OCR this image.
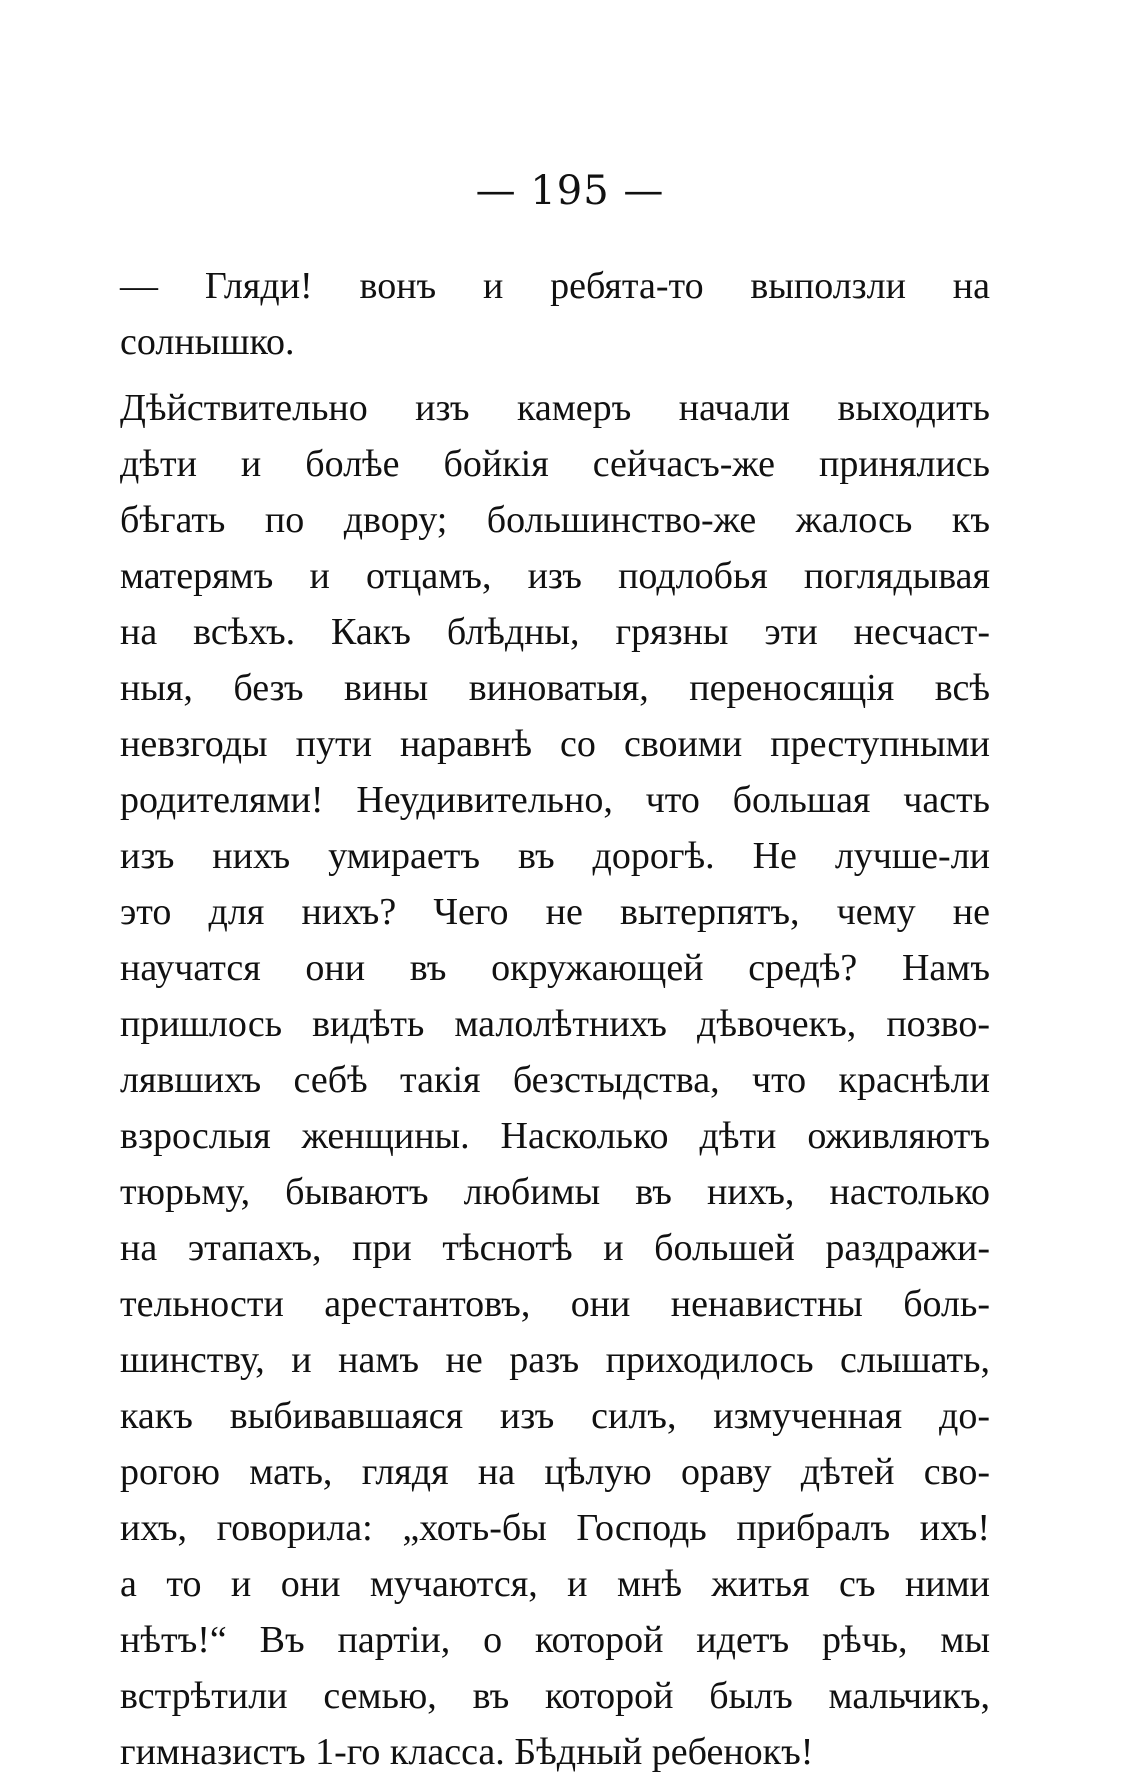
— 195 —
— Гляди! вонъ и ребята-то выползли на
солнышко.
Дѣйствительно изъ камеръ начали выходить
дѣти и болѣе бойкія сейчасъ-же принялись
бѣгать по двору; большинство-же жалось къ
матерямъ и отцамъ, изъ подлобья поглядывая
на всѣхъ. Какъ блѣдны, грязны эти несчаст-
ныя, безъ вины виноватыя, переносящія всѣ
невзгоды пути наравнѣ со своими преступными
родителями! Неудивительно, что большая часть
изъ нихъ умираетъ въ дорогѣ. Не лучше-ли
это для нихъ? Чего не вытерпятъ, чему не
научатся они въ окружающей средѣ? Намъ
пришлось видѣть малолѣтнихъ дѣвочекъ, позво-
лявшихъ себѣ такія безстыдства, что краснѣли
взрослыя женщины. Насколько дѣти оживляютъ
тюрьму, бываютъ любимы въ нихъ, настолько
на этапахъ, при тѣснотѣ и большей раздражи-
тельности арестантовъ, они ненавистны боль-
шинству, и намъ не разъ приходилось слышать,
какъ выбивавшаяся изъ силъ, измученная до-
рогою мать, глядя на цѣлую ораву дѣтей сво-
ихъ, говорила: „хоть-бы Господь прибралъ ихъ!
а то и они мучаются, и мнѣ житья съ ними
нѣтъ!“ Въ партіи, о которой идетъ рѣчь, мы
встрѣтили семью, въ которой былъ мальчикъ,
гимназистъ 1-го класса. Бѣдный ребенокъ!
